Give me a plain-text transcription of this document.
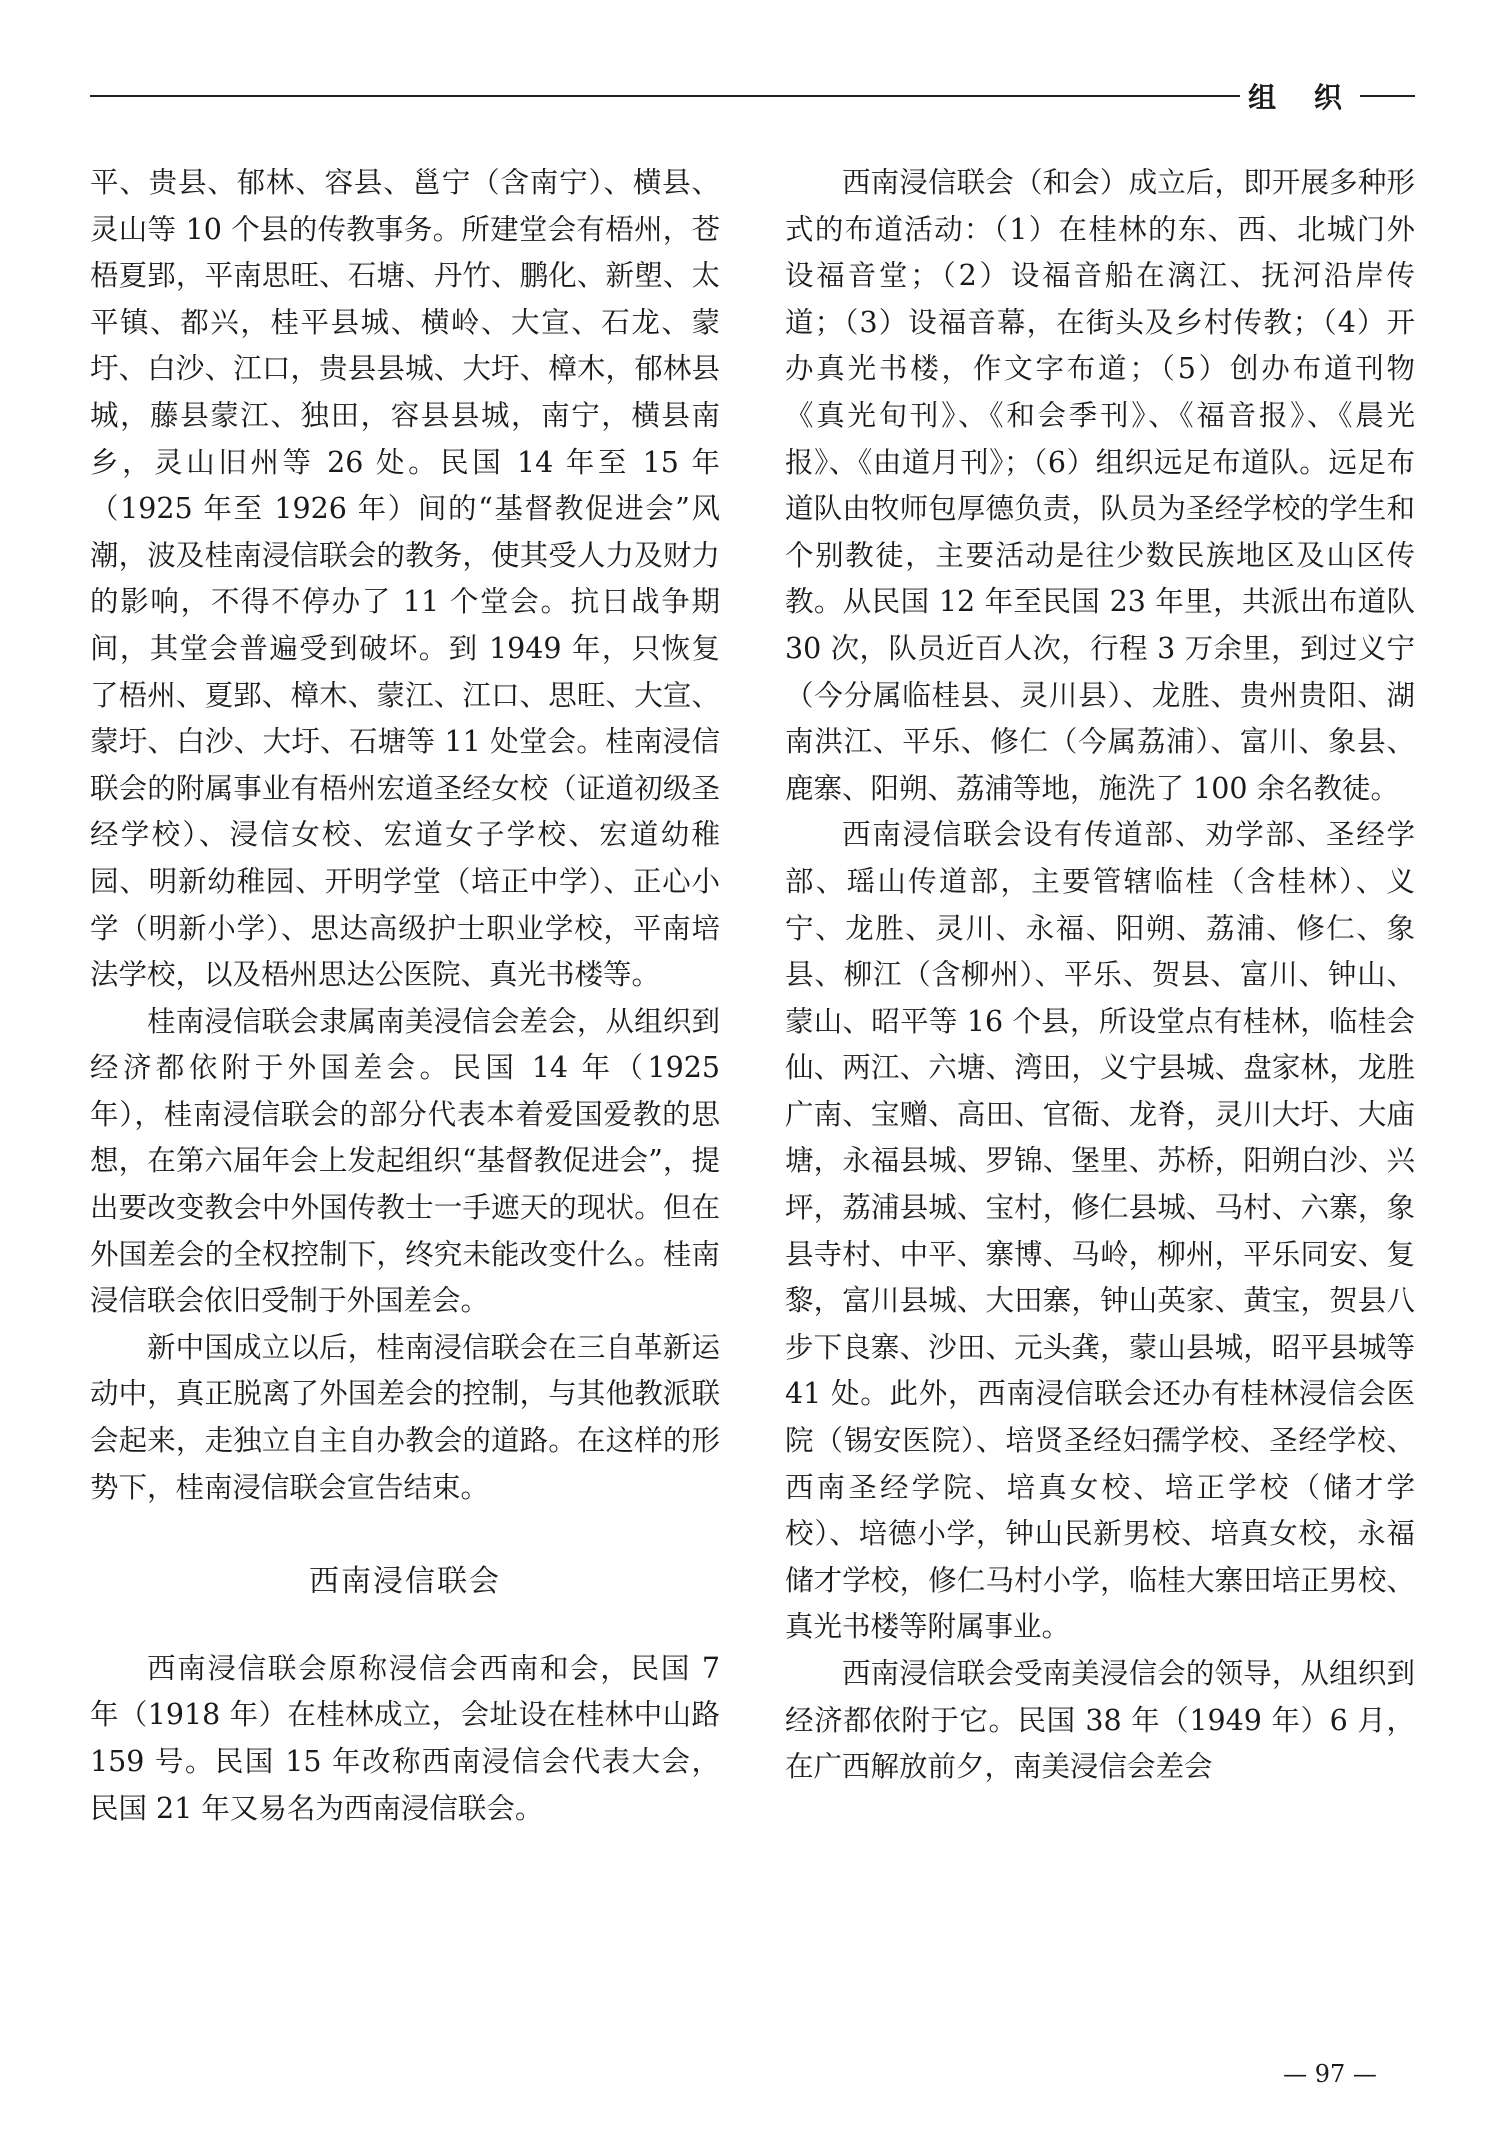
组 织

平、贵县、郁林、容县、邕宁（含南宁）、横县、灵山等 10 个县的传教事务。所建堂会有梧州，苍梧夏郢，平南思旺、石塘、丹竹、鹏化、新塱、太平镇、都兴，桂平县城、横岭、大宣、石龙、蒙圩、白沙、江口，贵县县城、大圩、樟木，郁林县城，藤县蒙江、独田，容县县城，南宁，横县南乡，灵山旧州等 26 处。民国 14 年至 15 年（1925 年至 1926 年）间的“基督教促进会”风潮，波及桂南浸信联会的教务，使其受人力及财力的影响，不得不停办了 11 个堂会。抗日战争期间，其堂会普遍受到破坏。到 1949 年，只恢复了梧州、夏郢、樟木、蒙江、江口、思旺、大宣、蒙圩、白沙、大圩、石塘等 11 处堂会。桂南浸信联会的附属事业有梧州宏道圣经女校（证道初级圣经学校）、浸信女校、宏道女子学校、宏道幼稚园、明新幼稚园、开明学堂（培正中学）、正心小学（明新小学）、思达高级护士职业学校，平南培法学校，以及梧州思达公医院、真光书楼等。

桂南浸信联会隶属南美浸信会差会，从组织到经济都依附于外国差会。民国 14 年（1925 年），桂南浸信联会的部分代表本着爱国爱教的思想，在第六届年会上发起组织“基督教促进会”，提出要改变教会中外国传教士一手遮天的现状。但在外国差会的全权控制下，终究未能改变什么。桂南浸信联会依旧受制于外国差会。

新中国成立以后，桂南浸信联会在三自革新运动中，真正脱离了外国差会的控制，与其他教派联会起来，走独立自主自办教会的道路。在这样的形势下，桂南浸信联会宣告结束。

西南浸信联会

西南浸信联会原称浸信会西南和会，民国 7 年（1918 年）在桂林成立，会址设在桂林中山路 159 号。民国 15 年改称西南浸信会代表大会，民国 21 年又易名为西南浸信联会。

西南浸信联会（和会）成立后，即开展多种形式的布道活动：（1）在桂林的东、西、北城门外设福音堂；（2）设福音船在漓江、抚河沿岸传道；（3）设福音幕，在街头及乡村传教；（4）开办真光书楼，作文字布道；（5）创办布道刊物《真光旬刊》、《和会季刊》、《福音报》、《晨光报》、《由道月刊》；（6）组织远足布道队。远足布道队由牧师包厚德负责，队员为圣经学校的学生和个别教徒，主要活动是往少数民族地区及山区传教。从民国 12 年至民国 23 年里，共派出布道队 30 次，队员近百人次，行程 3 万余里，到过义宁（今分属临桂县、灵川县）、龙胜、贵州贵阳、湖南洪江、平乐、修仁（今属荔浦）、富川、象县、鹿寨、阳朔、荔浦等地，施洗了 100 余名教徒。

西南浸信联会设有传道部、劝学部、圣经学部、瑶山传道部，主要管辖临桂（含桂林）、义宁、龙胜、灵川、永福、阳朔、荔浦、修仁、象县、柳江（含柳州）、平乐、贺县、富川、钟山、蒙山、昭平等 16 个县，所设堂点有桂林，临桂会仙、两江、六塘、湾田，义宁县城、盘家林，龙胜广南、宝赠、高田、官衙、龙脊，灵川大圩、大庙塘，永福县城、罗锦、堡里、苏桥，阳朔白沙、兴坪，荔浦县城、宝村，修仁县城、马村、六寨，象县寺村、中平、寨博、马岭，柳州，平乐同安、复黎，富川县城、大田寨，钟山英家、黄宝，贺县八步下良寨、沙田、元头龚，蒙山县城，昭平县城等 41 处。此外，西南浸信联会还办有桂林浸信会医院（锡安医院）、培贤圣经妇孺学校、圣经学校、西南圣经学院、培真女校、培正学校（储才学校）、培德小学，钟山民新男校、培真女校，永福储才学校，修仁马村小学，临桂大寨田培正男校、真光书楼等附属事业。

西南浸信联会受南美浸信会的领导，从组织到经济都依附于它。民国 38 年（1949 年）6 月，在广西解放前夕，南美浸信会差会

— 97 —
